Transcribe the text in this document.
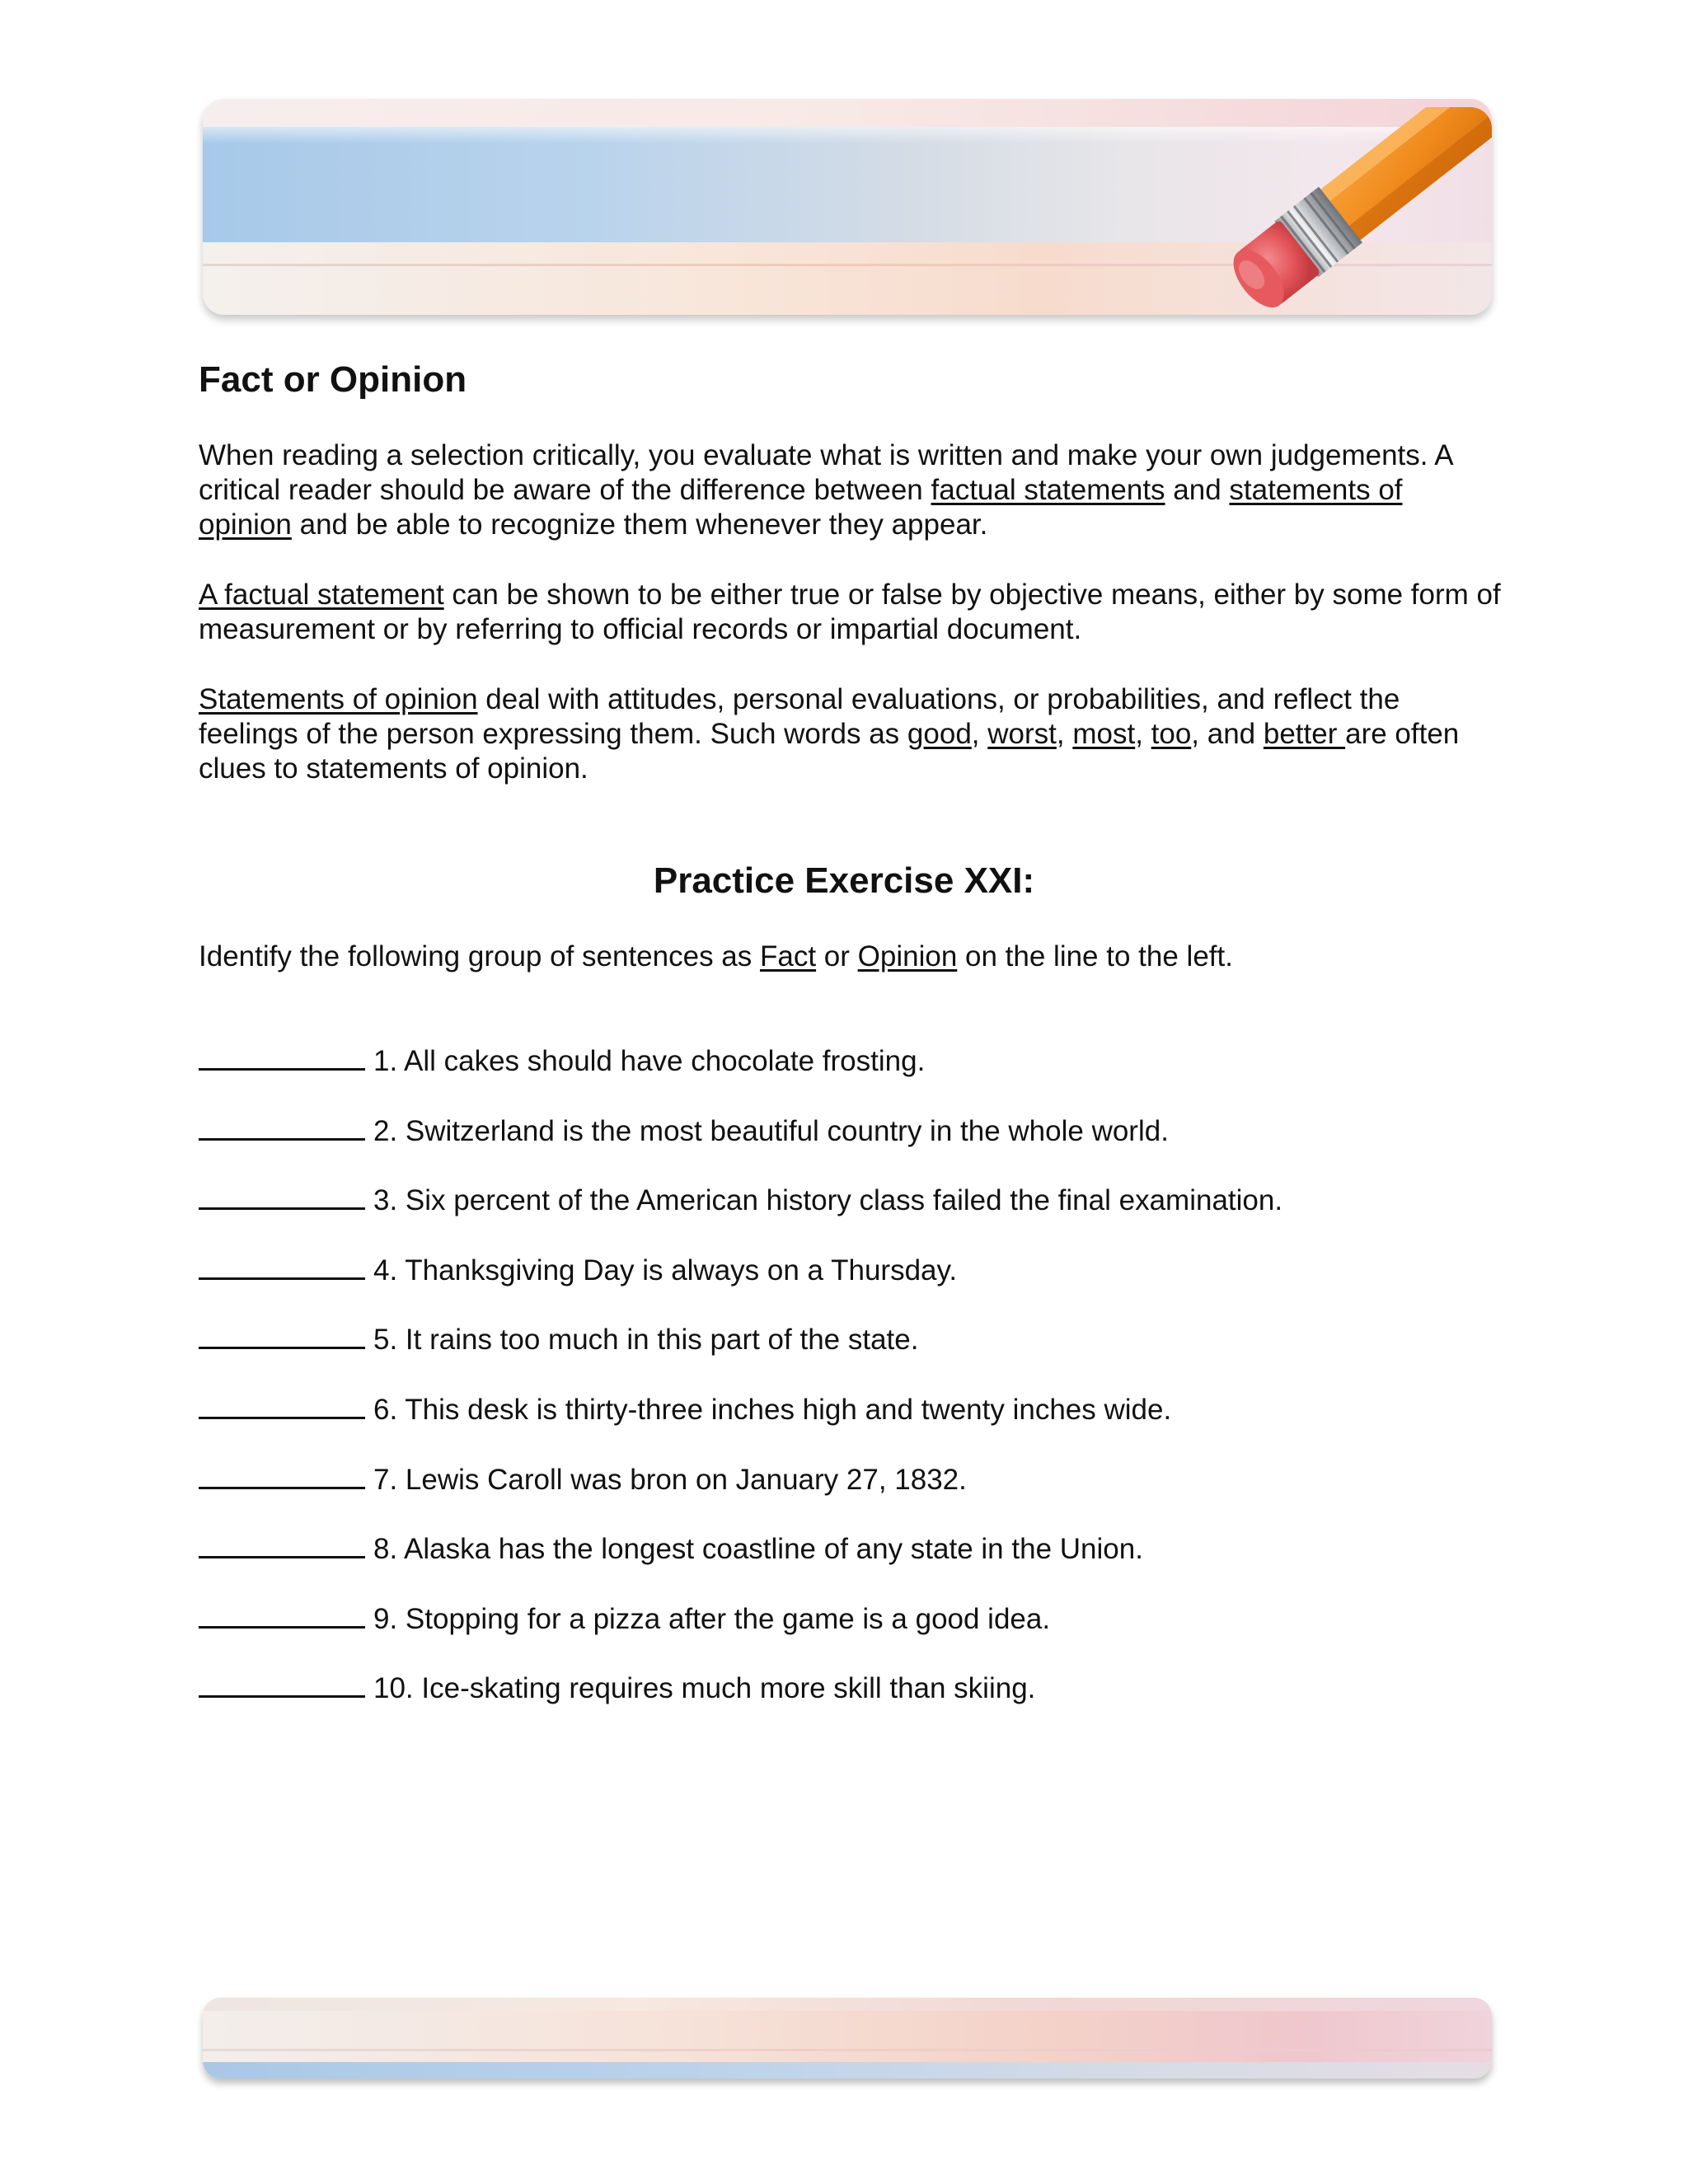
Fact or Opinion

When reading a selection critically, you evaluate what is written and make your own judgements. A critical reader should be aware of the difference between factual statements and statements of opinion and be able to recognize them whenever they appear.

A factual statement can be shown to be either true or false by objective means, either by some form of measurement or by referring to official records or impartial document.

Statements of opinion deal with attitudes, personal evaluations, or probabilities, and reflect the feelings of the person expressing them. Such words as good, worst, most, too, and better are often clues to statements of opinion.

Practice Exercise XXI:

Identify the following group of sentences as Fact or Opinion on the line to the left.

1. All cakes should have chocolate frosting.
2. Switzerland is the most beautiful country in the whole world.
3. Six percent of the American history class failed the final examination.
4. Thanksgiving Day is always on a Thursday.
5. It rains too much in this part of the state.
6. This desk is thirty-three inches high and twenty inches wide.
7. Lewis Caroll was bron on January 27, 1832.
8. Alaska has the longest coastline of any state in the Union.
9. Stopping for a pizza after the game is a good idea.
10. Ice-skating requires much more skill than skiing.
